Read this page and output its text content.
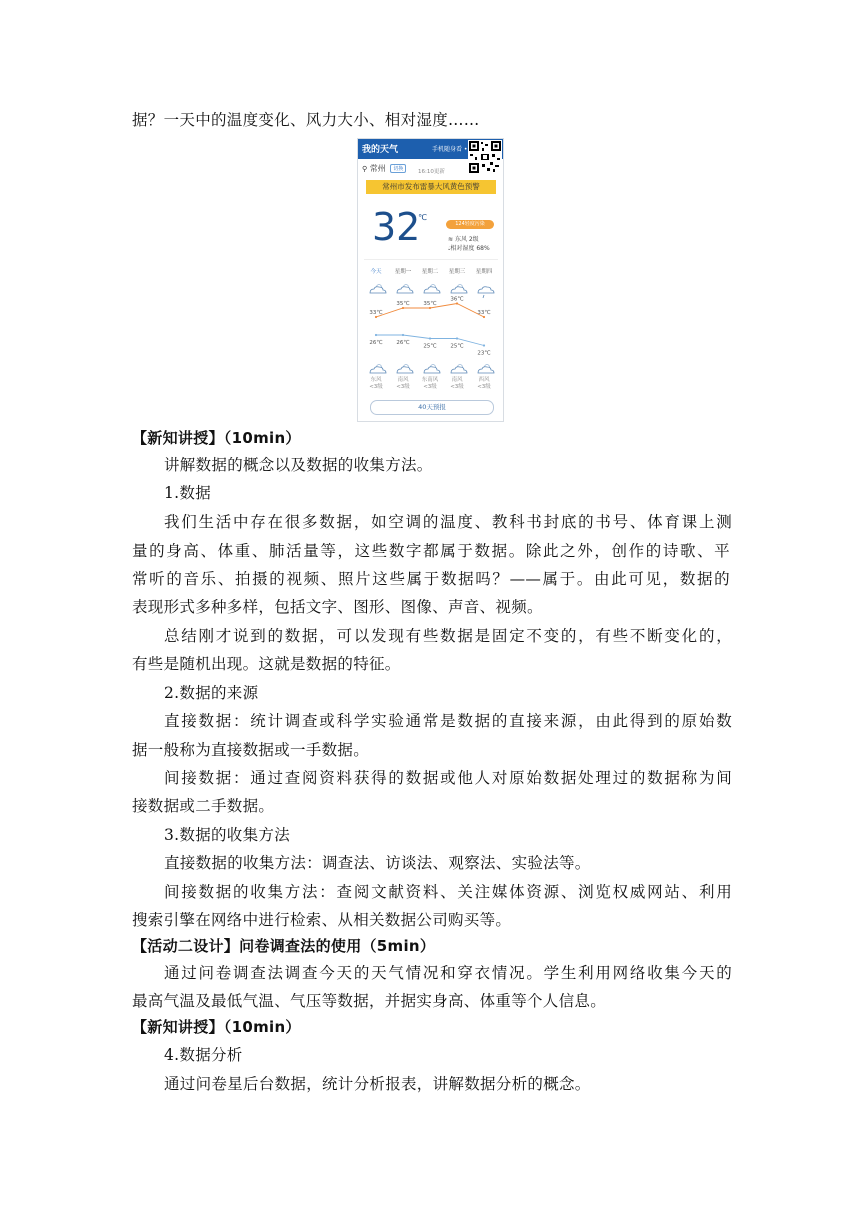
据？一天中的温度变化、风力大小、相对湿度……
我的天气	手机随身看 •
⚲ 常州 切换	16:10更新
常州市发布雷暴大风黄色预警
32
℃
124轻度污染
≋ 东风 2级
💧︎相对湿度 68%
今天	星期一	星期二	星期三	星期四
东风
<3级
南风
<3级
东南风
<3级
南风
<3级
西风
<3级
33℃
35℃	35℃
36℃
33℃
26℃	26℃
25℃	25℃
23℃
40天预报
【新知讲授】（10min）
讲解数据的概念以及数据的收集方法。
1.数据
我们生活中存在很多数据，如空调的温度、教科书封底的书号、体育课上测
量的身高、体重、肺活量等，这些数字都属于数据。除此之外，创作的诗歌、平
常听的音乐、拍摄的视频、照片这些属于数据吗？——属于。由此可见，数据的
表现形式多种多样，包括文字、图形、图像、声音、视频。
总结刚才说到的数据，可以发现有些数据是固定不变的，有些不断变化的，
有些是随机出现。这就是数据的特征。
2.数据的来源
直接数据：统计调查或科学实验通常是数据的直接来源，由此得到的原始数
据一般称为直接数据或一手数据。
间接数据：通过查阅资料获得的数据或他人对原始数据处理过的数据称为间
接数据或二手数据。
3.数据的收集方法
直接数据的收集方法：调查法、访谈法、观察法、实验法等。
间接数据的收集方法：查阅文献资料、关注媒体资源、浏览权威网站、利用
搜索引擎在网络中进行检索、从相关数据公司购买等。
【活动二设计】问卷调查法的使用（5min）
通过问卷调查法调查今天的天气情况和穿衣情况。学生利用网络收集今天的
最高气温及最低气温、气压等数据，并据实身高、体重等个人信息。
【新知讲授】（10min）
4.数据分析
通过问卷星后台数据，统计分析报表，讲解数据分析的概念。
